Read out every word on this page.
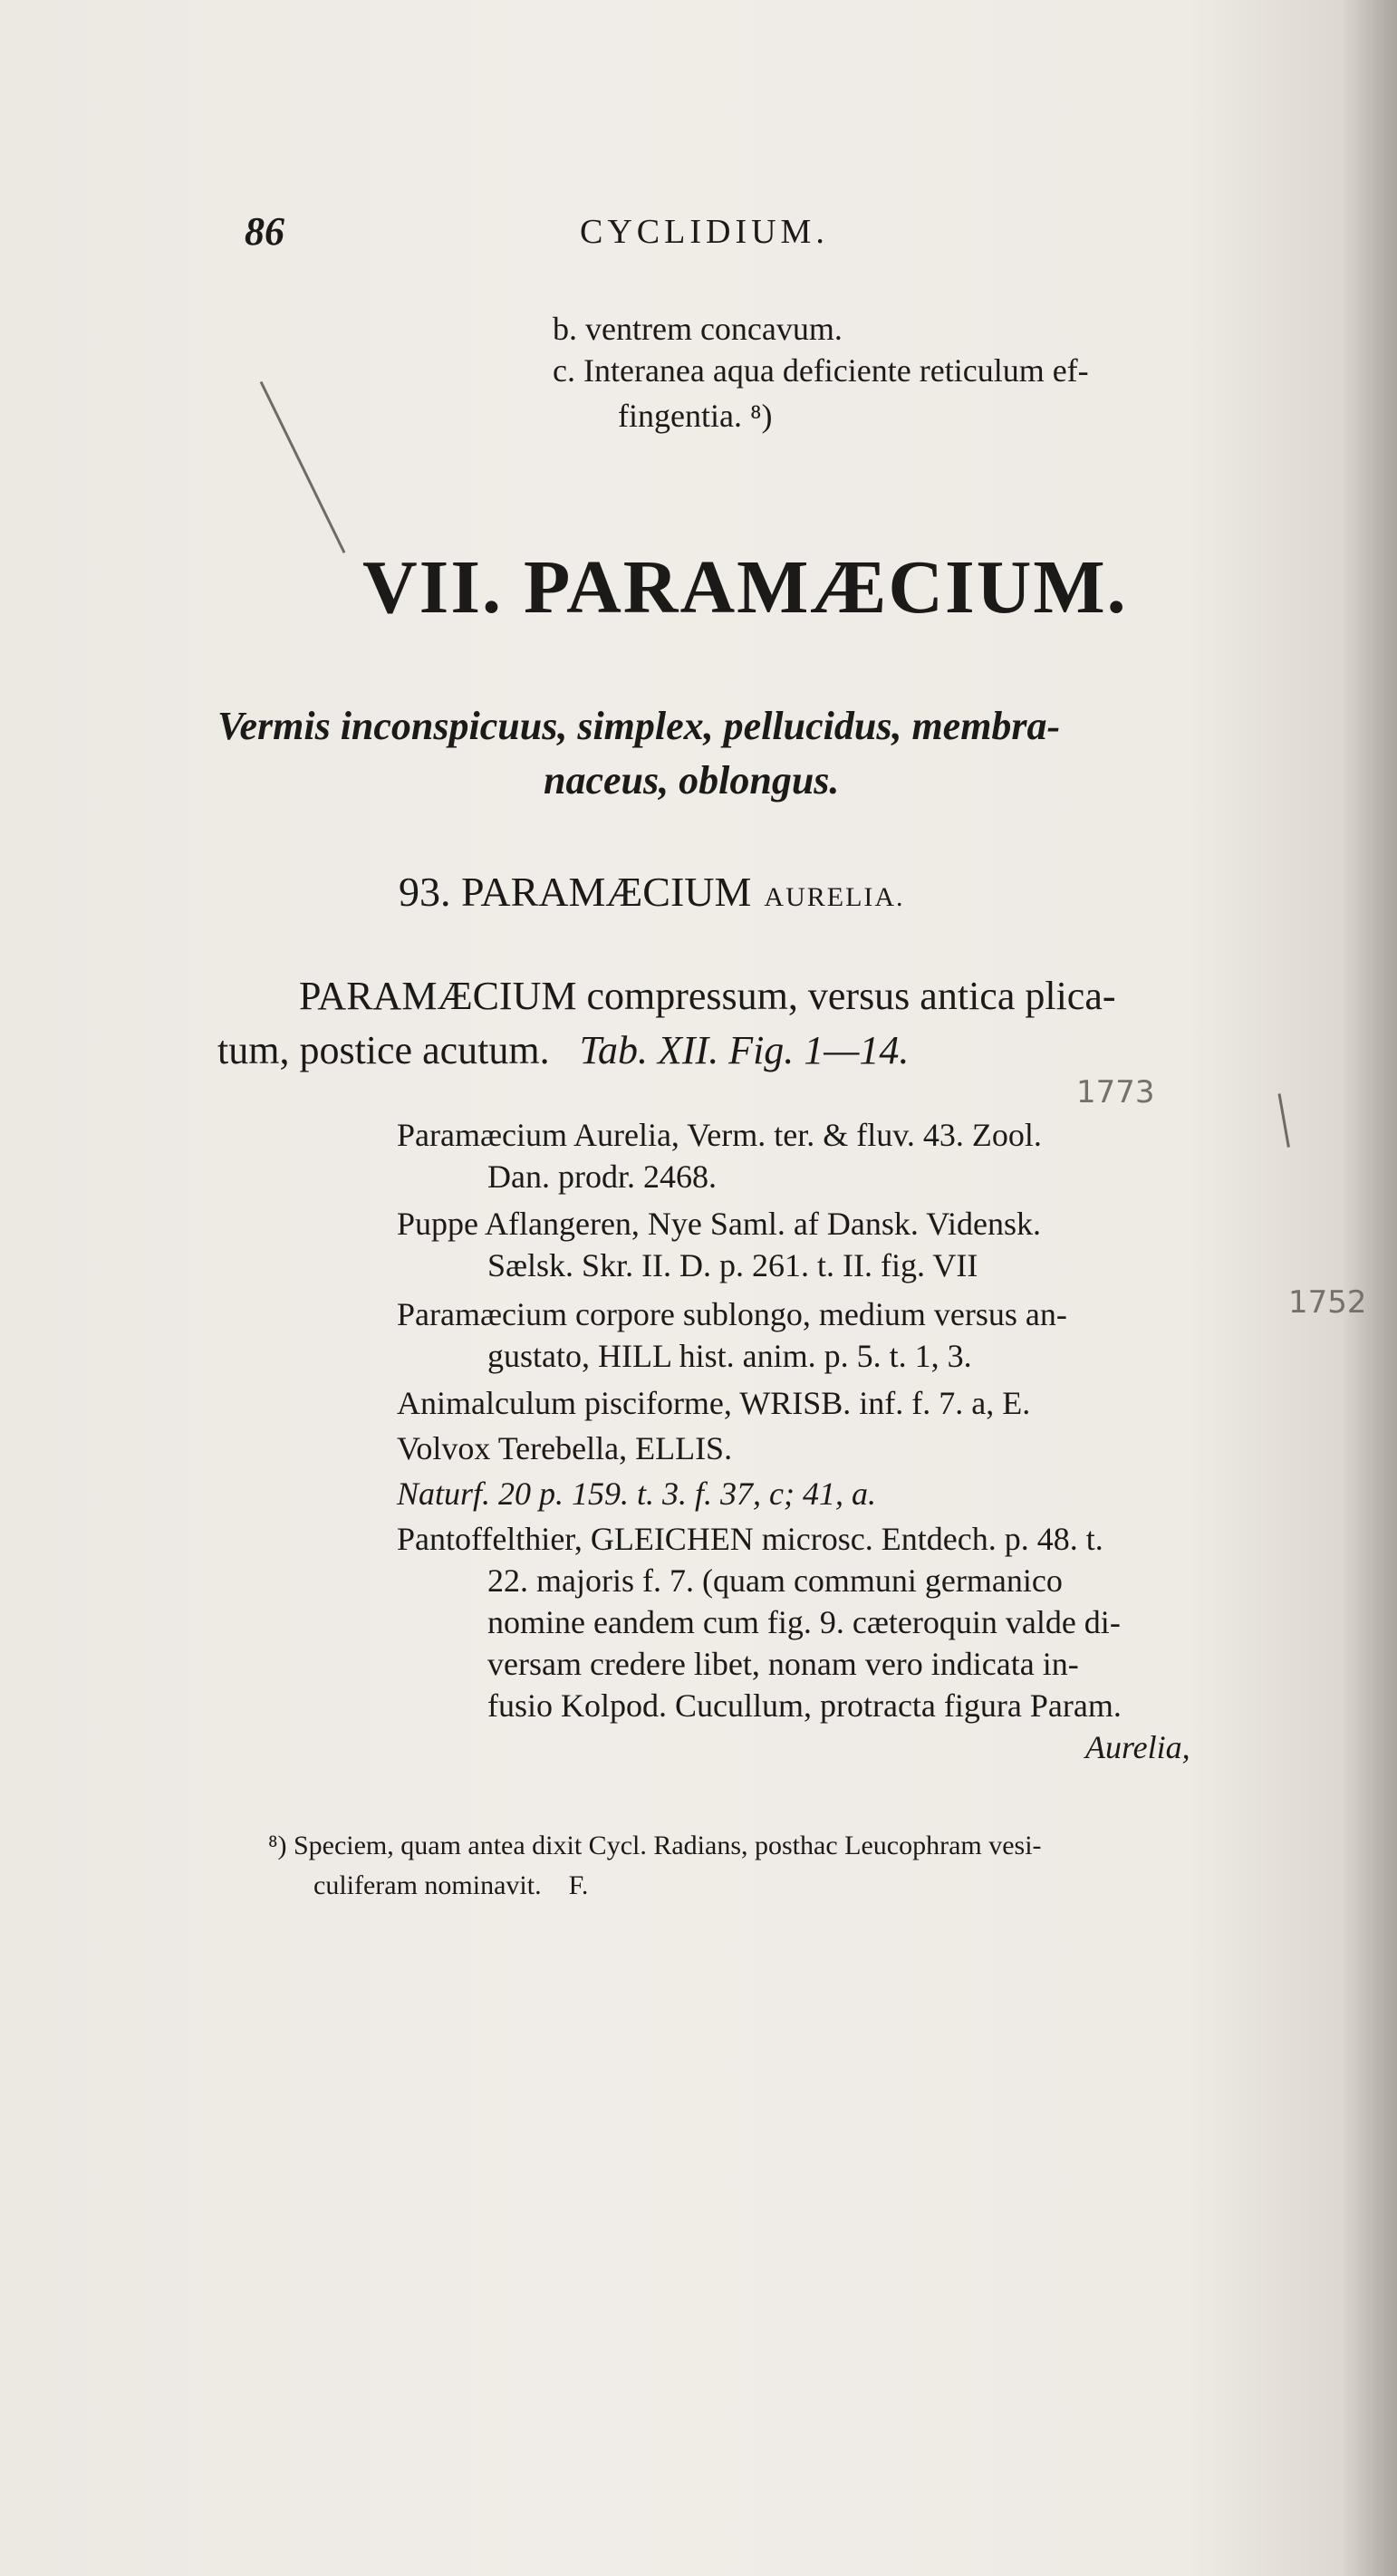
86	CYCLIDIUM.
b. ventrem concavum.
c. Interanea aqua deficiente reticulum ef-
fingentia. ⁸)
VII. PARAMÆCIUM.
Vermis inconspicuus, simplex, pellucidus, membra-
naceus, oblongus.
93. PARAMÆCIUM AURELIA.
PARAMÆCIUM compressum, versus antica plica-
tum, postice acutum. Tab. XII. Fig. 1—14.
Paramæcium Aurelia, Verm. ter. & fluv. 43. Zool.
Dan. prodr. 2468.
Puppe Aflangeren, Nye Saml. af Dansk. Vidensk.
Sælsk. Skr. II. D. p. 261. t. II. fig. VII
Paramæcium corpore sublongo, medium versus an-
gustato, HILL hist. anim. p. 5. t. 1, 3.
Animalculum pisciforme, WRISB. inf. f. 7. a, E.
Volvox Terebella, ELLIS.
Naturf. 20 p. 159. t. 3. f. 37, c; 41, a.
Pantoffelthier, GLEICHEN microsc. Entdech. p. 48. t.
22. majoris f. 7. (quam communi germanico
nomine eandem cum fig. 9. cæteroquin valde di-
versam credere libet, nonam vero indicata in-
fusio Kolpod. Cucullum, protracta figura Param.
Aurelia,
⁸) Speciem, quam antea dixit Cycl. Radians, posthac Leucophram vesi-
culiferam nominavit. F.
1773
1752
